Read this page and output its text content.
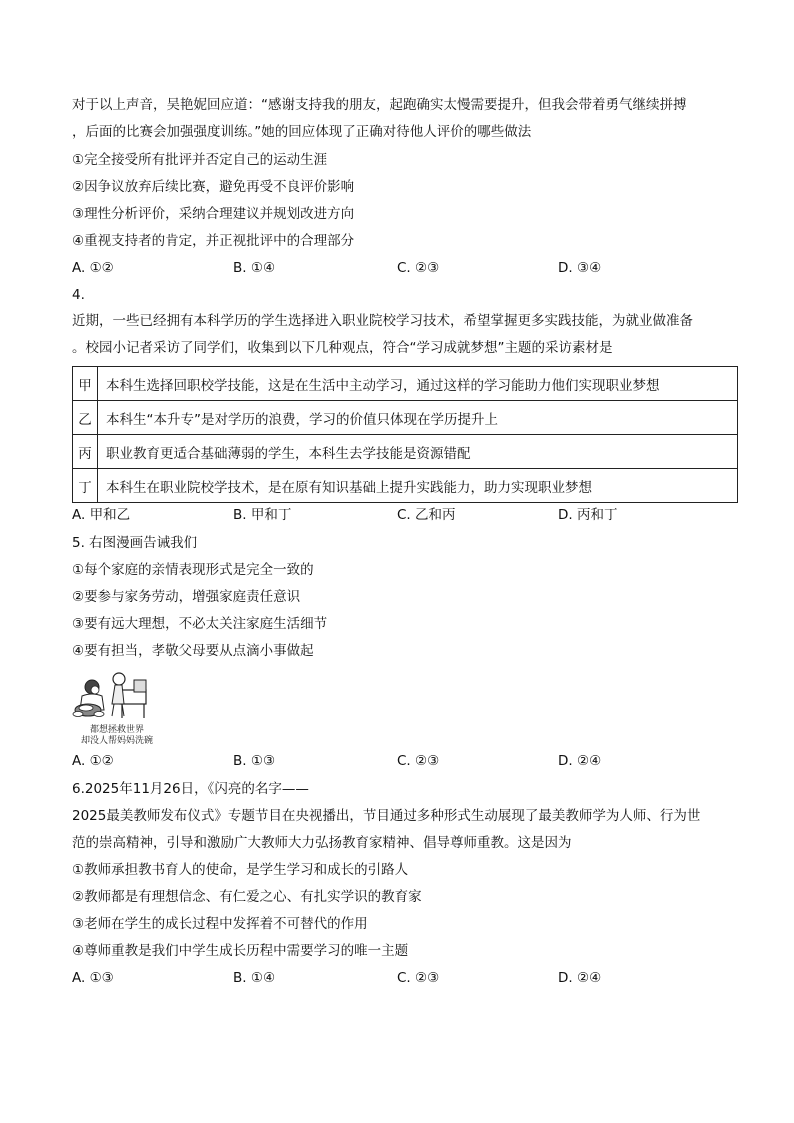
对于以上声音，吴艳妮回应道：“感谢支持我的朋友，起跑确实太慢需要提升，但我会带着勇气继续拼搏
，后面的比赛会加强强度训练。”她的回应体现了正确对待他人评价的哪些做法
①完全接受所有批评并否定自己的运动生涯
②因争议放弃后续比赛，避免再受不良评价影响
③理性分析评价，采纳合理建议并规划改进方向
④重视支持者的肯定，并正视批评中的合理部分
A. ①②	B. ①④	C. ②③	D. ③④
4.
近期，一些已经拥有本科学历的学生选择进入职业院校学习技术，希望掌握更多实践技能，为就业做准备
。校园小记者采访了同学们，收集到以下几种观点，符合“学习成就梦想”主题的采访素材是
甲	本科生选择回职校学技能，这是在生活中主动学习，通过这样的学习能助力他们实现职业梦想
乙	本科生“本升专”是对学历的浪费，学习的价值只体现在学历提升上
丙	职业教育更适合基础薄弱的学生，本科生去学技能是资源错配
丁	本科生在职业院校学技术，是在原有知识基础上提升实践能力，助力实现职业梦想
A. 甲和乙	B. 甲和丁	C. 乙和丙	D. 丙和丁
5. 右图漫画告诫我们
①每个家庭的亲情表现形式是完全一致的
②要参与家务劳动，增强家庭责任意识
③要有远大理想，不必太关注家庭生活细节
④要有担当，孝敬父母要从点滴小事做起
都想拯救世界
却没人帮妈妈洗碗
A. ①②	B. ①③	C. ②③	D. ②④
6.2025年11月26日，《闪亮的名字——
2025最美教师发布仪式》专题节目在央视播出，节目通过多种形式生动展现了最美教师学为人师、行为世
范的崇高精神，引导和激励广大教师大力弘扬教育家精神、倡导尊师重教。这是因为
①教师承担教书育人的使命，是学生学习和成长的引路人
②教师都是有理想信念、有仁爱之心、有扎实学识的教育家
③老师在学生的成长过程中发挥着不可替代的作用
④尊师重教是我们中学生成长历程中需要学习的唯一主题
A. ①③	B. ①④	C. ②③	D. ②④
